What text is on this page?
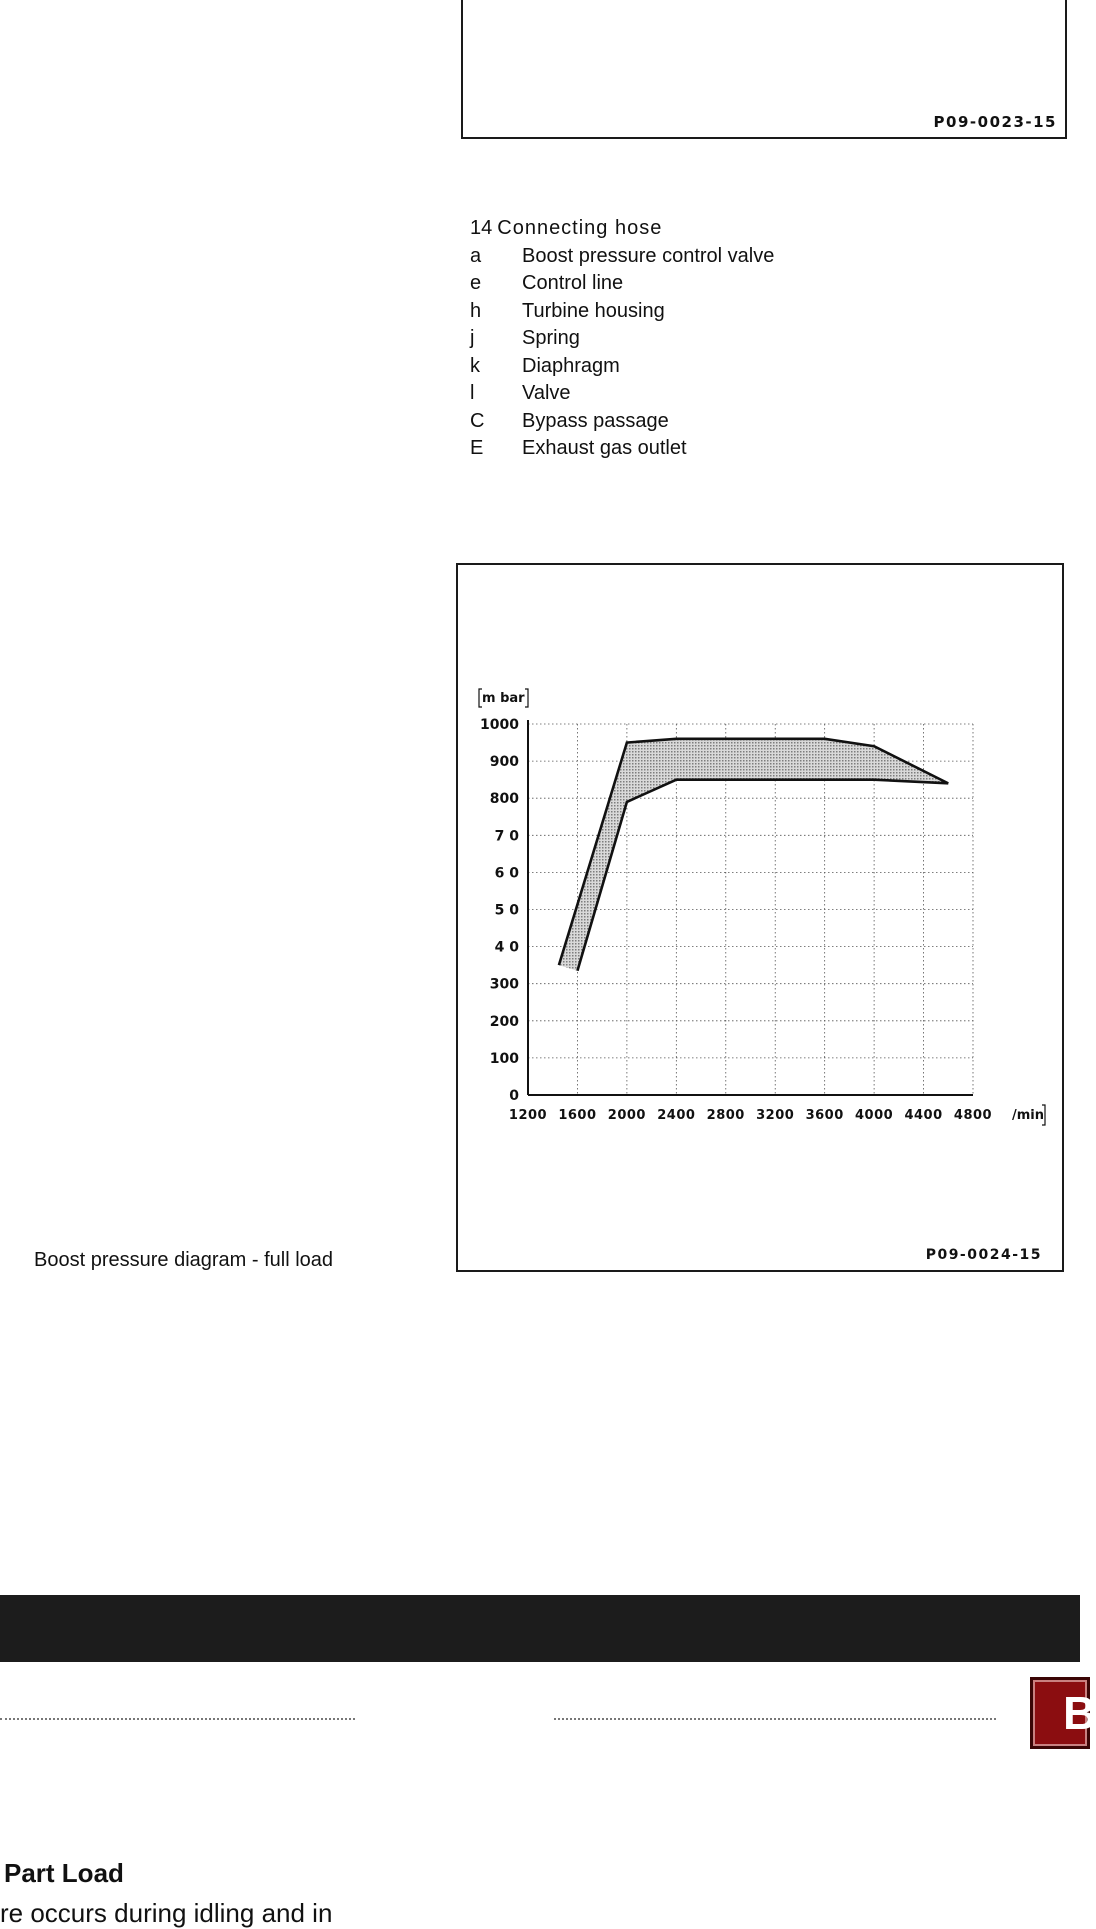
P09-0023-15
14 Connecting hose
a	Boost pressure control valve
e	Control line
h	Turbine housing
j	Spring
k	Diaphragm
l	Valve
C	Bypass passage
E	Exhaust gas outlet
0
100
200
300
4 0
5 0
6 0
7 0
800
900
1000
1200 1600 2000 2400 2800 3200 3600 4000 4400 4800
m bar
/min
P09-0024-15
Boost pressure diagram - full load
B
Part Load
re occurs during idling and in
